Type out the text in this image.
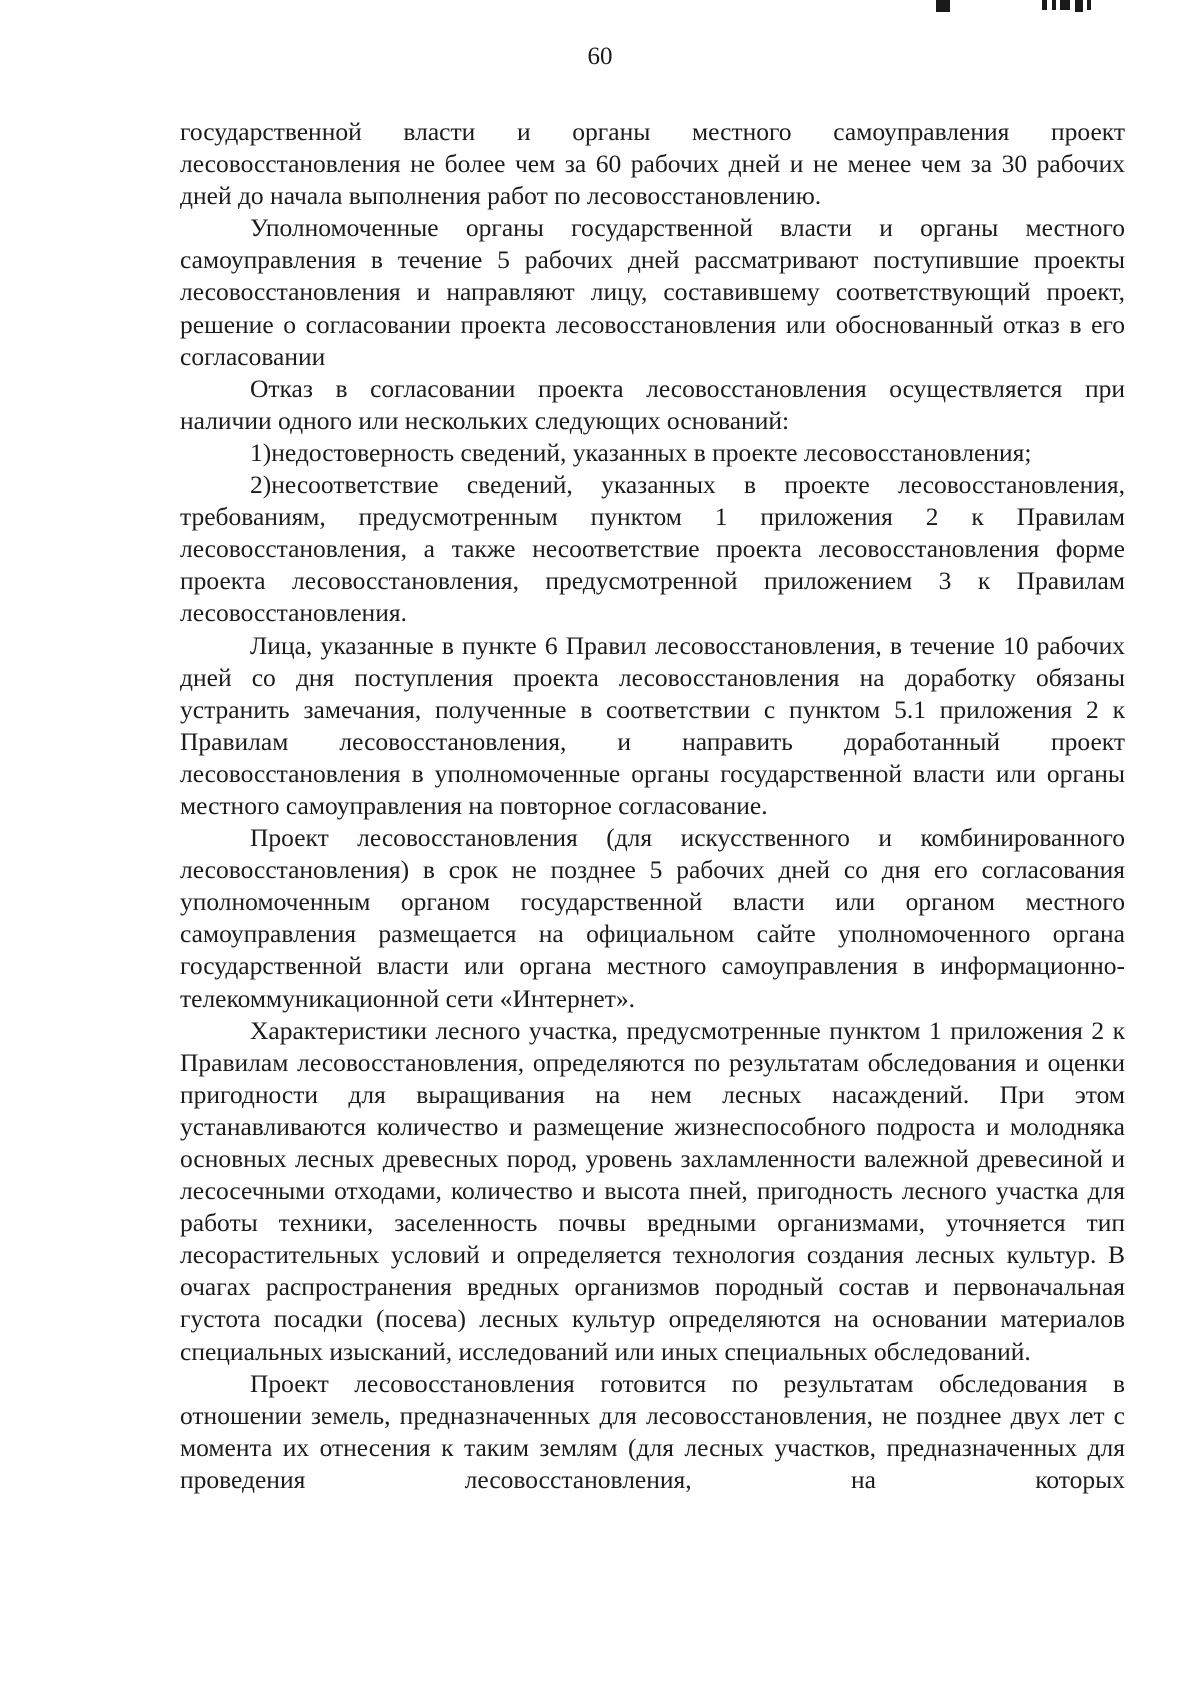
60

государственной власти и органы местного самоуправления проект лесовосстановления не более чем за 60 рабочих дней и не менее чем за 30 рабочих дней до начала выполнения работ по лесовосстановлению.

Уполномоченные органы государственной власти и органы местного самоуправления в течение 5 рабочих дней рассматривают поступившие проекты лесовосстановления и направляют лицу, составившему соответствующий проект, решение о согласовании проекта лесовосстановления или обоснованный отказ в его согласовании

Отказ в согласовании проекта лесовосстановления осуществляется при наличии одного или нескольких следующих оснований:

1)недостоверность сведений, указанных в проекте лесовосстановления;

2)несоответствие сведений, указанных в проекте лесовосстановления, требованиям, предусмотренным пунктом 1 приложения 2 к Правилам лесовосстановления, а также несоответствие проекта лесовосстановления форме проекта лесовосстановления, предусмотренной приложением 3 к Правилам лесовосстановления.

Лица, указанные в пункте 6 Правил лесовосстановления, в течение 10 рабочих дней со дня поступления проекта лесовосстановления на доработку обязаны устранить замечания, полученные в соответствии с пунктом 5.1 приложения 2 к Правилам лесовосстановления, и направить доработанный проект лесовосстановления в уполномоченные органы государственной власти или органы местного самоуправления на повторное согласование.

Проект лесовосстановления (для искусственного и комбинированного лесовосстановления) в срок не позднее 5 рабочих дней со дня его согласования уполномоченным органом государственной власти или органом местного самоуправления размещается на официальном сайте уполномоченного органа государственной власти или органа местного самоуправления в информационно-телекоммуникационной сети «Интернет».

Характеристики лесного участка, предусмотренные пунктом 1 приложения 2 к Правилам лесовосстановления, определяются по результатам обследования и оценки пригодности для выращивания на нем лесных насаждений. При этом устанавливаются количество и размещение жизнеспособного подроста и молодняка основных лесных древесных пород, уровень захламленности валежной древесиной и лесосечными отходами, количество и высота пней, пригодность лесного участка для работы техники, заселенность почвы вредными организмами, уточняется тип лесорастительных условий и определяется технология создания лесных культур. В очагах распространения вредных организмов породный состав и первоначальная густота посадки (посева) лесных культур определяются на основании материалов специальных изысканий, исследований или иных специальных обследований.

Проект лесовосстановления готовится по результатам обследования в отношении земель, предназначенных для лесовосстановления, не позднее двух лет с момента их отнесения к таким землям (для лесных участков, предназначенных для проведения лесовосстановления, на которых
